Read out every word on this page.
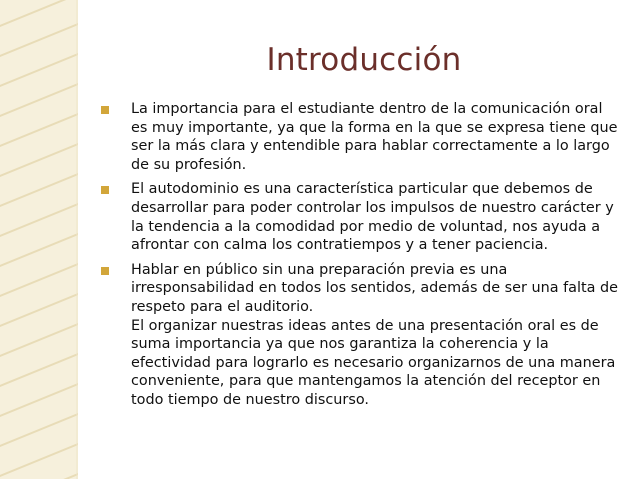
Introducción
La importancia para el estudiante dentro de la comunicación oral
es muy importante, ya que la forma en la que se expresa tiene que
ser la más clara y entendible para hablar correctamente a lo largo
de su profesión.
El autodominio es una característica particular que debemos de
desarrollar para poder controlar los impulsos de nuestro carácter y
la tendencia a la comodidad por medio de voluntad, nos ayuda a
afrontar con calma los contratiempos y a tener paciencia.
Hablar en público sin una preparación previa es una
irresponsabilidad en todos los sentidos, además de ser una falta de
respeto para el auditorio.
El organizar nuestras ideas antes de una presentación oral es de
suma importancia ya que nos garantiza la coherencia y la
efectividad para lograrlo es necesario organizarnos de una manera
conveniente, para que mantengamos la atención del receptor en
todo tiempo de nuestro discurso.
